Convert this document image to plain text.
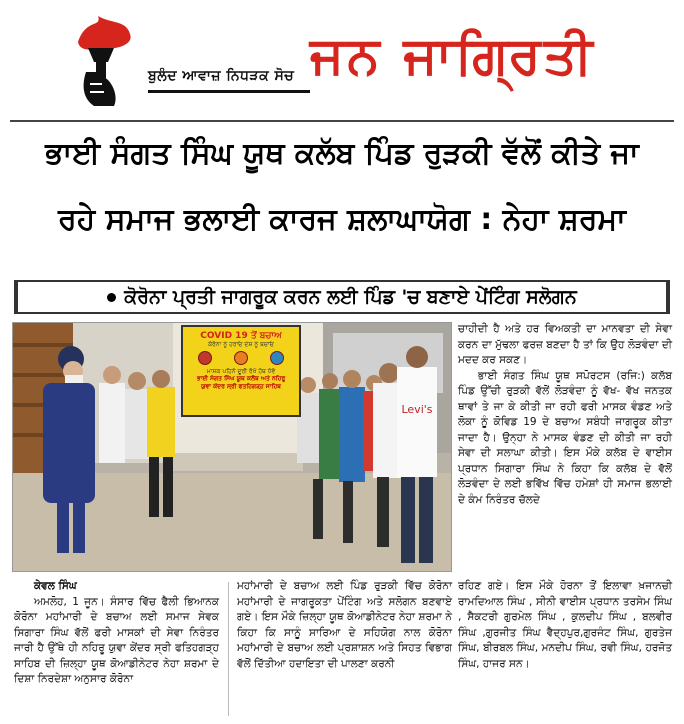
ਬੁਲੰਦ ਆਵਾਜ਼ ਨਿਧੜਕ ਸੋਚ ਜਨ ਜਾਗ੍ਰਿਤੀ
ਭਾਈ ਸੰਗਤ ਸਿੰਘ ਯੂਥ ਕਲੱਬ ਪਿੰਡ ਰੁੜਕੀ ਵੱਲੋਂ ਕੀਤੇ ਜਾ
ਰਹੇ ਸਮਾਜ ਭਲਾਈ ਕਾਰਜ ਸ਼ਲਾਘਾਯੋਗ : ਨੇਹਾ ਸ਼ਰਮਾ
ਕੋਰੋਨਾ ਪ੍ਰਤੀ ਜਾਗਰੂਕ ਕਰਨ ਲਈ ਪਿੰਡ 'ਚ ਬਣਾਏ ਪੇਂਟਿੰਗ ਸਲੋਗਨ
Levi's
COVID 19 ਤੋਂ ਬਚਾਅ
ਕੋਰੋਨਾ ਨੂੰ ਹਰਾਓ ਦੇਸ਼ ਨੂੰ ਬਚਾਓ
ਮਾਸਕ ਪਹਿਨੋ ਦੂਰੀ ਰੱਖੋ ਹੱਥ ਧੋਵੋ
ਭਾਈ ਸੰਗਤ ਸਿੰਘ ਯੂਥ ਕਲੱਬ ਅਤੇ ਨਹਿਰੂ
ਯੁਵਾ ਕੇਂਦਰ ਸ੍ਰੀ ਫਤਹਿਗੜ੍ਹ ਸਾਹਿਬ

ਚਾਹੀਦੀ ਹੈ ਅਤੇ ਹਰ ਵਿਅਕਤੀ ਦਾ ਮਾਨਵਤਾ ਦੀ ਸੇਵਾ ਕਰਨ ਦਾ ਮੁੱਢਲਾ ਫਰਜ਼ ਬਣਦਾ ਹੈ ਤਾਂ ਕਿ ਉਹ ਲੋੜਵੰਦਾ ਦੀ ਮਦਦ ਕਰ ਸਕਣ।

ਭਾਈ ਸੰਗਤ ਸਿੰਘ ਯੂਥ ਸਪੋਰਟਸ (ਰਜਿ:) ਕਲੱਬ ਪਿੰਡ ਉੱਚੀ ਰੁੜਕੀ ਵੱਲੋਂ ਲੋੜਵੰਦਾ ਨੂੰ ਵੱਖ- ਵੱਖ ਜਨਤਕ ਥਾਵਾਂ ਤੇ ਜਾ ਕੇ ਕੀਤੀ ਜਾ ਰਹੀ ਫਰੀ ਮਾਸਕ ਵੰਡਣ ਅਤੇ ਲੋਕਾ ਨੂੰ ਕੋਵਿਡ 19 ਦੇ ਬਚਾਅ ਸਬੰਧੀ ਜਾਗਰੂਕ ਕੀਤਾ ਜਾਦਾ ਹੈ। ਉਨ੍ਹਾ ਨੇ ਮਾਸਕ ਵੰਡਣ ਦੀ ਕੀਤੀ ਜਾ ਰਹੀ ਸੇਵਾ ਦੀ ਸਲਾਘਾ ਕੀਤੀ। ਇਸ ਮੌਕੇ ਕਲੱਬ ਦੇ ਵਾਈਸ ਪ੍ਰਧਾਨ ਸਿਗਾਰਾ ਸਿੰਘ ਨੇ ਕਿਹਾ ਕਿ ਕਲੱਬ ਦੇ ਵੱਲੋਂ ਲੋੜਵੰਦਾ ਦੇ ਲਈ ਭਵਿੱਖ ਵਿੱਚ ਹਮੇਸ਼ਾਂ ਹੀ ਸਮਾਜ ਭਲਾਈ ਦੇ ਕੰਮ ਨਿਰੰਤਰ ਚੱਲਦੇ

ਕੇਵਲ ਸਿੰਘ

ਅਮਲੋਹ, 1 ਜੂਨ। ਸੰਸਾਰ ਵਿੱਚ ਫੈਲੀ ਭਿਆਨਕ ਕੋਰੋਨਾ ਮਹਾਂਮਾਰੀ ਦੇ ਬਚਾਅ ਲਈ ਸਮਾਜ ਸੇਵਕ ਸਿਗਾਰਾ ਸਿੰਘ ਵੱਲੋਂ ਫਰੀ ਮਾਸਕਾਂ ਦੀ ਸੇਵਾ ਨਿਰੰਤਰ ਜਾਰੀ ਹੈ ਉੱਥੇ ਹੀ ਨਹਿਰੂ ਯੁਵਾ ਕੇਂਦਰ ਸ੍ਰੀ ਫਤਿਹਗੜ੍ਹ ਸਾਹਿਬ ਦੀ ਜ਼ਿਲ੍ਹਾ ਯੂਥ ਕੋਆਡੀਨੇਟਰ ਨੇਹਾ ਸ਼ਰਮਾ ਦੇ ਦਿਸ਼ਾ ਨਿਰਦੇਸ਼ਾ ਅਨੁਸਾਰ ਕੋਰੋਨਾ

ਮਹਾਂਮਾਰੀ ਦੇ ਬਚਾਅ ਲਈ ਪਿੰਡ ਰੁੜਕੀ ਵਿੱਚ ਕੋਰੋਨਾ ਮਹਾਂਮਾਰੀ ਦੇ ਜਾਗਰੂਕਤਾ ਪੇਂਟਿੰਗ ਅਤੇ ਸਲੋਗਨ ਬਣਵਾਏ ਗਏ। ਇਸ ਮੌਕੇ ਜ਼ਿਲ੍ਹਾ ਯੂਥ ਕੋਆਡੀਨੇਟਰ ਨੇਹਾ ਸ਼ਰਮਾ ਨੇ ਕਿਹਾ ਕਿ ਸਾਨੂੰ ਸਾਰਿਆ ਦੇ ਸਹਿਯੋਗ ਨਾਲ ਕੋਰੋਨਾ ਮਹਾਂਮਾਰੀ ਦੇ ਬਚਾਅ ਲਈ ਪ੍ਰਸ਼ਾਸ਼ਨ ਅਤੇ ਸਿਹਤ ਵਿਭਾਗ ਵੱਲੋਂ ਦਿੱਤੀਆ ਹਦਾਇਤਾ ਦੀ ਪਾਲਣਾ ਕਰਨੀ

ਰਹਿਣ ਗਏ। ਇਸ ਮੌਕੇ ਹੋਰਨਾ ਤੋਂ ਇਲਾਵਾ ਖ਼ਜਾਨਚੀ ਰਾਮਦਿਆਲ ਸਿੰਘ , ਸੀਨੀ ਵਾਈਸ ਪ੍ਰਧਾਨ ਤਰਸੇਮ ਸਿੰਘ , ਸੈਕਟਰੀ ਗੁਰਮੇਲ ਸਿੰਘ , ਕੁਲਦੀਪ ਸਿੰਘ , ਬਲਵੀਰ ਸਿੰਘ ,ਗੁਰਜੀਤ ਸਿੰਘ ਵੈਦ੍ਹਪੁਰ,ਗੁਰਜੰਟ ਸਿੰਘ, ਗੁਰਤੇਜ ਸਿੰਘ, ਬੀਰਬਲ ਸਿੰਘ, ਮਨਦੀਪ ਸਿੰਘ, ਰਵੀ ਸਿੰਘ, ਹਰਜੋਤ ਸਿੰਘ, ਹਾਜਰ ਸਨ।
